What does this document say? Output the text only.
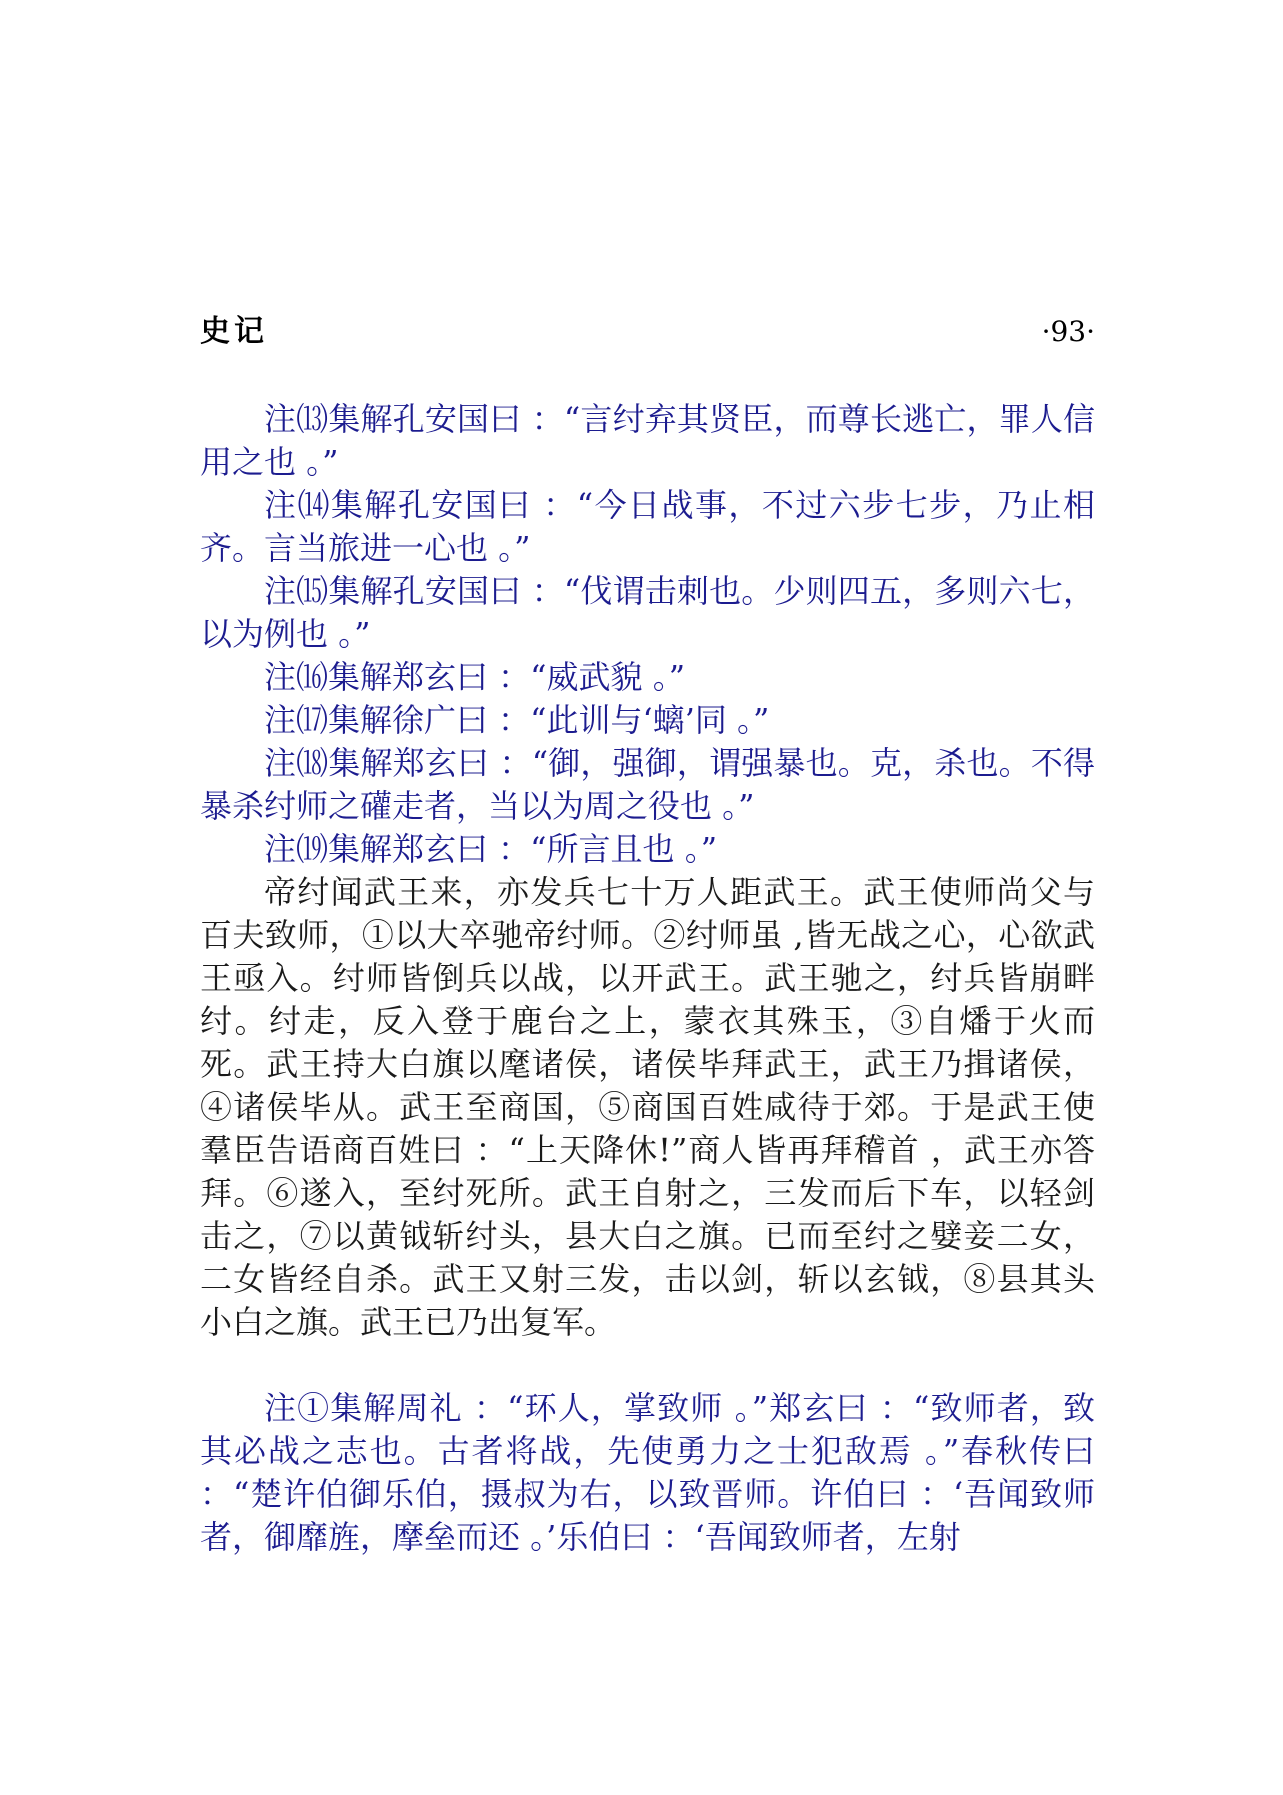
史记	·93·

注⒀集解孔安国曰 ：“言纣弃其贤臣，而尊长逃亡，罪人信用之也 。”

注⒁集解孔安国曰 ：“今日战事，不过六步七步，乃止相齐。言当旅进一心也 。”

注⒂集解孔安国曰 ：“伐谓击刺也。少则四五，多则六七，以为例也 。”

注⒃集解郑玄曰 ：“威武貌 。”

注⒄集解徐广曰 ：“此训与‘螭’同 。”

注⒅集解郑玄曰 ：“御，强御，谓强暴也。克，杀也。不得暴杀纣师之礶走者，当以为周之役也 。”

注⒆集解郑玄曰 ：“所言且也 。”

帝纣闻武王来，亦发兵七十万人距武王。武王使师尚父与百夫致师，①以大卒驰帝纣师。②纣师虽 ,皆无战之心，心欲武王亟入。纣师皆倒兵以战，以开武王。武王驰之，纣兵皆崩畔纣。纣走，反入登于鹿台之上，蒙衣其殊玉，③自燔于火而死。武王持大白旗以麾诸侯，诸侯毕拜武王，武王乃揖诸侯，④诸侯毕从。武王至商国，⑤商国百姓咸待于郊。于是武王使羣臣告语商百姓曰 ：“上天降休!”商人皆再拜稽首 ，武王亦答拜。⑥遂入，至纣死所。武王自射之，三发而后下车，以轻剑击之，⑦以黄钺斩纣头，县大白之旗。已而至纣之嬖妾二女，二女皆经自杀。武王又射三发，击以剑，斩以玄钺，⑧县其头小白之旗。武王已乃出复军。

注①集解周礼 ：“环人，掌致师 。”郑玄曰 ：“致师者，致其必战之志也。古者将战，先使勇力之士犯敌焉 。”春秋传曰 ：“楚许伯御乐伯，摄叔为右，以致晋师。许伯曰 ：‘吾闻致师者，御靡旌，摩垒而还 。’乐伯曰 ：‘吾闻致师者，左射
